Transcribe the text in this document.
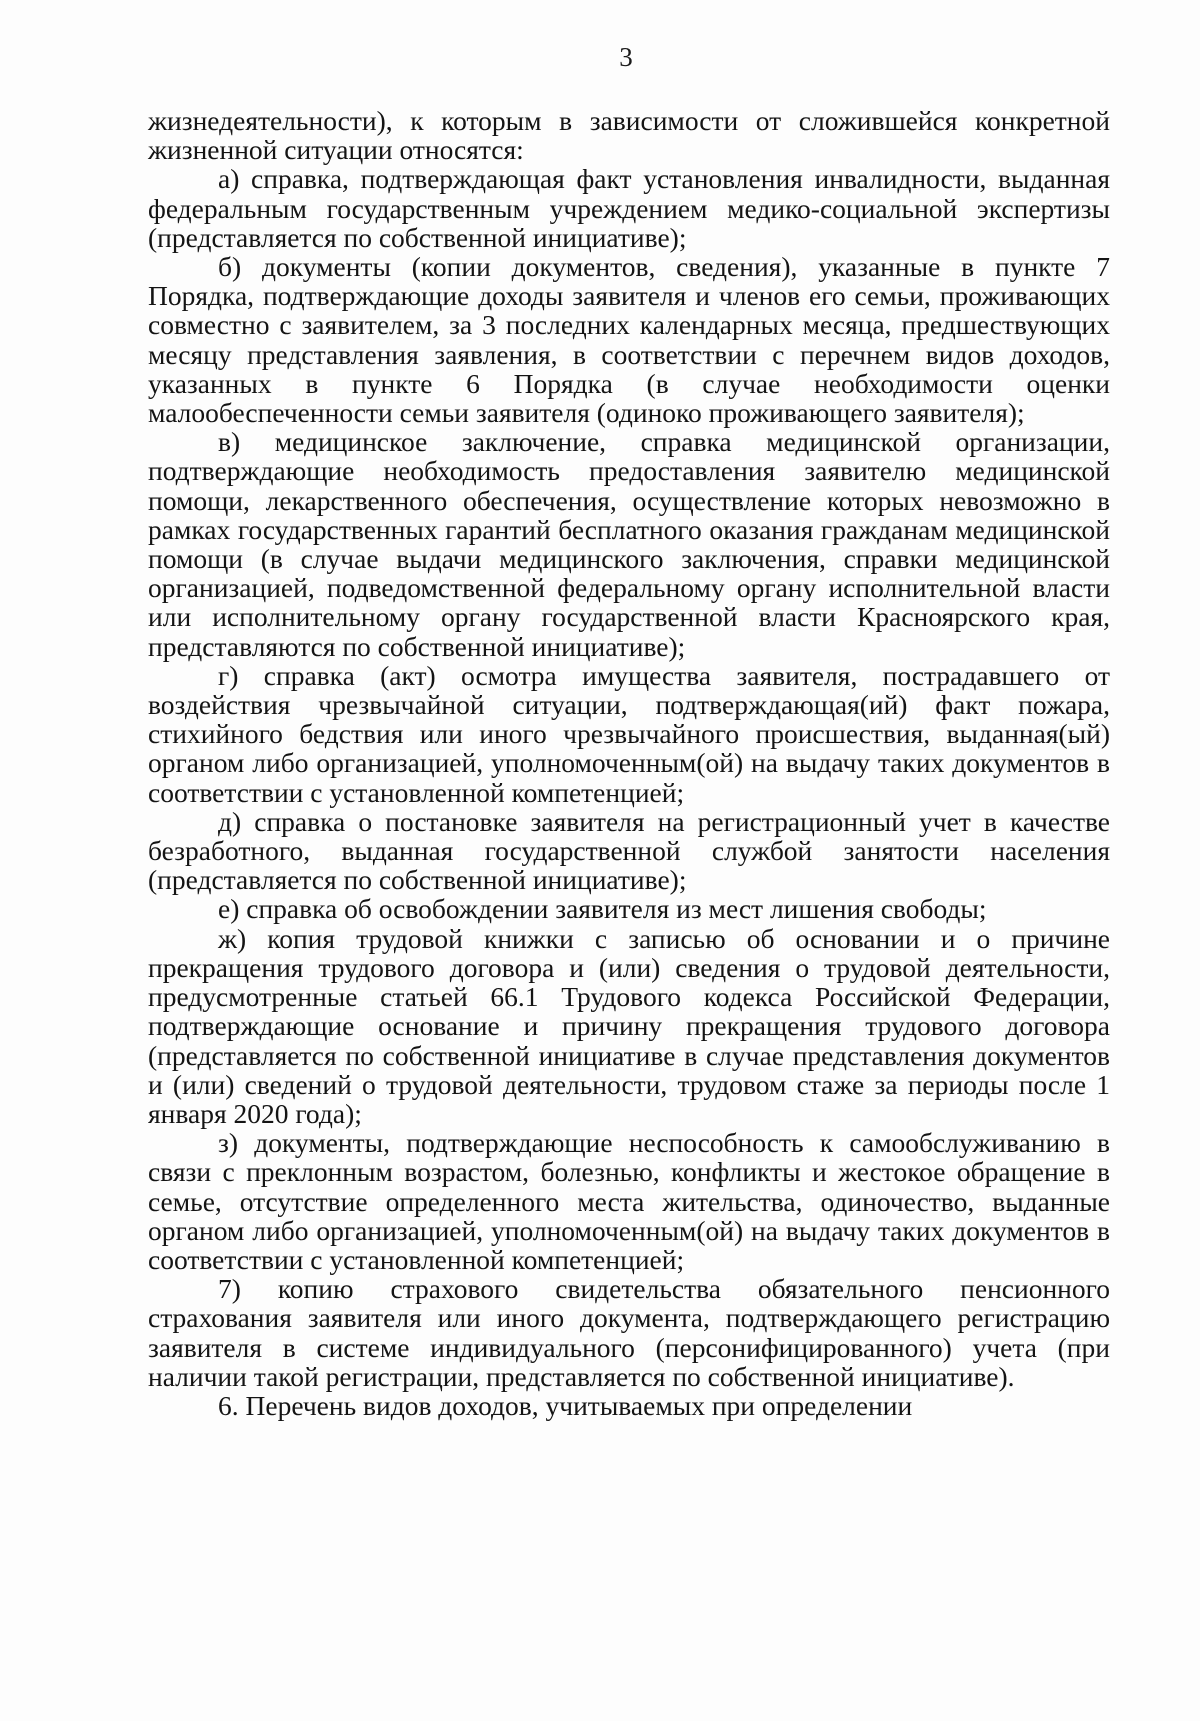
3

жизнедеятельности), к которым в зависимости от сложившейся конкретной жизненной ситуации относятся:

а) справка, подтверждающая факт установления инвалидности, выданная федеральным государственным учреждением медико-социальной экспертизы (представляется по собственной инициативе);

б) документы (копии документов, сведения), указанные в пункте 7 Порядка, подтверждающие доходы заявителя и членов его семьи, проживающих совместно с заявителем, за 3 последних календарных месяца, предшествующих месяцу представления заявления, в соответствии с перечнем видов доходов, указанных в пункте 6 Порядка (в случае необходимости оценки малообеспеченности семьи заявителя (одиноко проживающего заявителя);

в) медицинское заключение, справка медицинской организации, подтверждающие необходимость предоставления заявителю медицинской помощи, лекарственного обеспечения, осуществление которых невозможно в рамках государственных гарантий бесплатного оказания гражданам медицинской помощи (в случае выдачи медицинского заключения, справки медицинской организацией, подведомственной федеральному органу исполнительной власти или исполнительному органу государственной власти Красноярского края, представляются по собственной инициативе);

г) справка (акт) осмотра имущества заявителя, пострадавшего от воздействия чрезвычайной ситуации, подтверждающая(ий) факт пожара, стихийного бедствия или иного чрезвычайного происшествия, выданная(ый) органом либо организацией, уполномоченным(ой) на выдачу таких документов в соответствии с установленной компетенцией;

д) справка о постановке заявителя на регистрационный учет в качестве безработного, выданная государственной службой занятости населения (представляется по собственной инициативе);

е) справка об освобождении заявителя из мест лишения свободы;

ж) копия трудовой книжки с записью об основании и о причине прекращения трудового договора и (или) сведения о трудовой деятельности, предусмотренные статьей 66.1 Трудового кодекса Российской Федерации, подтверждающие основание и причину прекращения трудового договора (представляется по собственной инициативе в случае представления документов и (или) сведений о трудовой деятельности, трудовом стаже за периоды после 1 января 2020 года);

з) документы, подтверждающие неспособность к самообслуживанию в связи с преклонным возрастом, болезнью, конфликты и жестокое обращение в семье, отсутствие определенного места жительства, одиночество, выданные органом либо организацией, уполномоченным(ой) на выдачу таких документов в соответствии с установленной компетенцией;

7) копию страхового свидетельства обязательного пенсионного страхования заявителя или иного документа, подтверждающего регистрацию заявителя в системе индивидуального (персонифицированного) учета (при наличии такой регистрации, представляется по собственной инициативе).

6. Перечень видов доходов, учитываемых при определении
